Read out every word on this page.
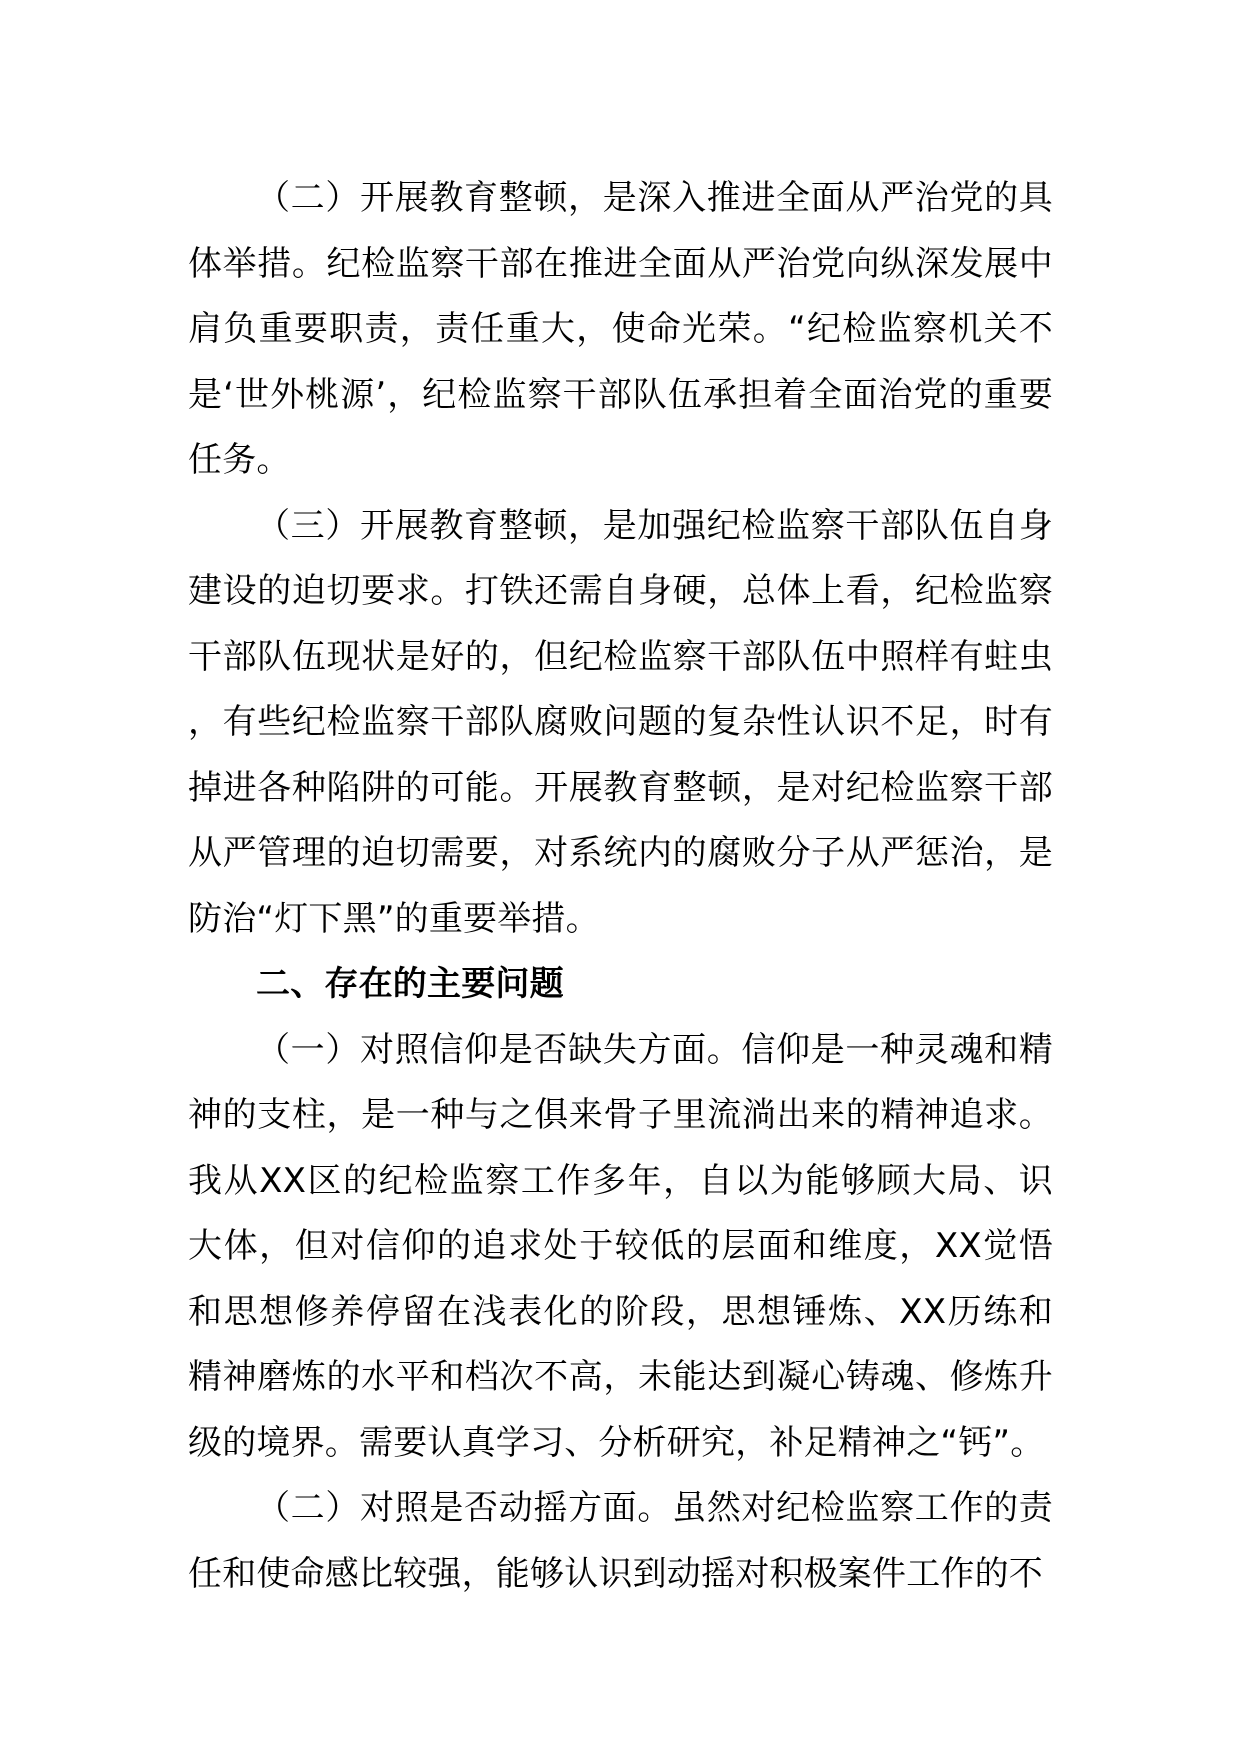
（二）开展教育整顿，是深入推进全面从严治党的具体举措。纪检监察干部在推进全面从严治党向纵深发展中肩负重要职责，责任重大，使命光荣。“纪检监察机关不是‘世外桃源’，纪检监察干部队伍承担着全面治党的重要任务。

（三）开展教育整顿，是加强纪检监察干部队伍自身建设的迫切要求。打铁还需自身硬，总体上看，纪检监察干部队伍现状是好的，但纪检监察干部队伍中照样有蛀虫，有些纪检监察干部队腐败问题的复杂性认识不足，时有掉进各种陷阱的可能。开展教育整顿，是对纪检监察干部从严管理的迫切需要，对系统内的腐败分子从严惩治，是防治“灯下黑”的重要举措。

二、存在的主要问题

（一）对照信仰是否缺失方面。信仰是一种灵魂和精神的支柱，是一种与之俱来骨子里流淌出来的精神追求。我从XX区的纪检监察工作多年，自以为能够顾大局、识大体，但对信仰的追求处于较低的层面和维度，XX觉悟和思想修养停留在浅表化的阶段，思想锤炼、XX历练和精神磨炼的水平和档次不高，未能达到凝心铸魂、修炼升级的境界。需要认真学习、分析研究，补足精神之“钙”。

（二）对照是否动摇方面。虽然对纪检监察工作的责任和使命感比较强，能够认识到动摇对积极案件工作的不
